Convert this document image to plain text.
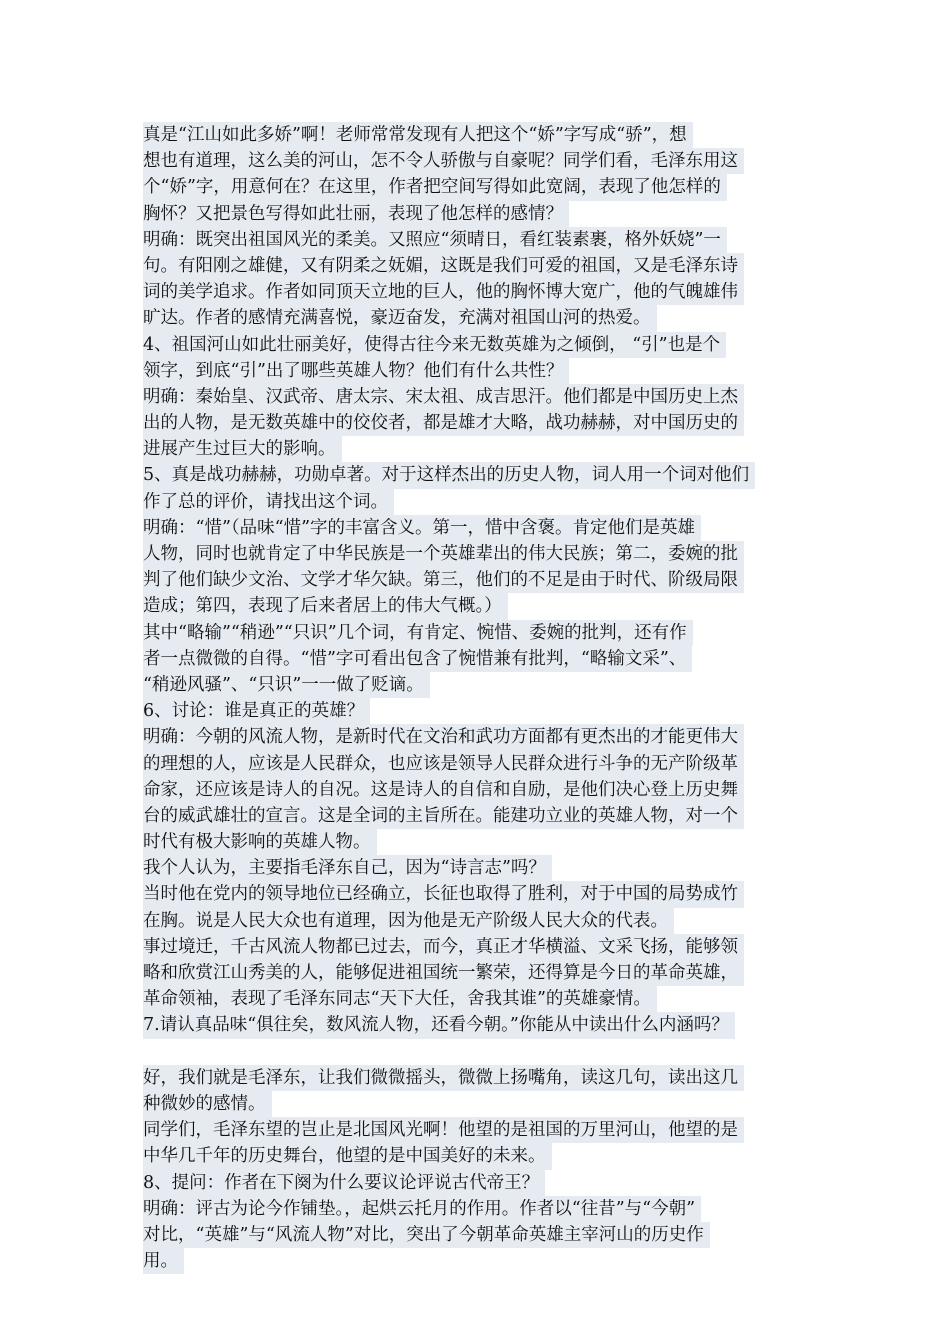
真是“江山如此多娇”啊！老师常常发现有人把这个“娇”字写成“骄”，想
想也有道理，这么美的河山，怎不令人骄傲与自豪呢？同学们看，毛泽东用这
个“娇”字，用意何在？在这里，作者把空间写得如此宽阔，表现了他怎样的
胸怀？又把景色写得如此壮丽，表现了他怎样的感情？
明确：既突出祖国风光的柔美。又照应“须晴日，看红装素裹，格外妖娆”一
句。有阳刚之雄健，又有阴柔之妩媚，这既是我们可爱的祖国，又是毛泽东诗
词的美学追求。作者如同顶天立地的巨人，他的胸怀博大宽广，他的气魄雄伟
旷达。作者的感情充满喜悦，豪迈奋发，充满对祖国山河的热爱。
4、祖国河山如此壮丽美好，使得古往今来无数英雄为之倾倒， “引”也是个
领字，到底“引”出了哪些英雄人物？他们有什么共性？
明确：秦始皇、汉武帝、唐太宗、宋太祖、成吉思汗。他们都是中国历史上杰
出的人物，是无数英雄中的佼佼者，都是雄才大略，战功赫赫，对中国历史的
进展产生过巨大的影响。
5、真是战功赫赫，功勋卓著。对于这样杰出的历史人物，词人用一个词对他们
作了总的评价，请找出这个词。
明确：“惜”（品味“惜”字的丰富含义。第一，惜中含褒。肯定他们是英雄
人物，同时也就肯定了中华民族是一个英雄辈出的伟大民族；第二，委婉的批
判了他们缺少文治、文学才华欠缺。第三，他们的不足是由于时代、阶级局限
造成；第四，表现了后来者居上的伟大气概。）
其中“略输”“稍逊”“只识”几个词，有肯定、惋惜、委婉的批判，还有作
者一点微微的自得。“惜”字可看出包含了惋惜兼有批判，“略输文采”、
“稍逊风骚”、“只识”一一做了贬谪。
6、讨论：谁是真正的英雄？
明确：今朝的风流人物，是新时代在文治和武功方面都有更杰出的才能更伟大
的理想的人，应该是人民群众，也应该是领导人民群众进行斗争的无产阶级革
命家，还应该是诗人的自况。这是诗人的自信和自励，是他们决心登上历史舞
台的威武雄壮的宣言。这是全词的主旨所在。能建功立业的英雄人物，对一个
时代有极大影响的英雄人物。
我个人认为，主要指毛泽东自己，因为“诗言志”吗？
当时他在党内的领导地位已经确立，长征也取得了胜利，对于中国的局势成竹
在胸。说是人民大众也有道理，因为他是无产阶级人民大众的代表。
事过境迁，千古风流人物都已过去，而今，真正才华横溢、文采飞扬，能够领
略和欣赏江山秀美的人，能够促进祖国统一繁荣，还得算是今日的革命英雄，
革命领袖，表现了毛泽东同志“天下大任，舍我其谁”的英雄豪情。
7.请认真品味“俱往矣，数风流人物，还看今朝。”你能从中读出什么内涵吗？
好，我们就是毛泽东，让我们微微摇头，微微上扬嘴角，读这几句，读出这几
种微妙的感情。
同学们，毛泽东望的岂止是北国风光啊！他望的是祖国的万里河山，他望的是
中华几千年的历史舞台，他望的是中国美好的未来。
8、提问：作者在下阕为什么要议论评说古代帝王？
明确：评古为论今作铺垫。，起烘云托月的作用。作者以“往昔”与“今朝”
对比，“英雄”与“风流人物”对比，突出了今朝革命英雄主宰河山的历史作
用。
